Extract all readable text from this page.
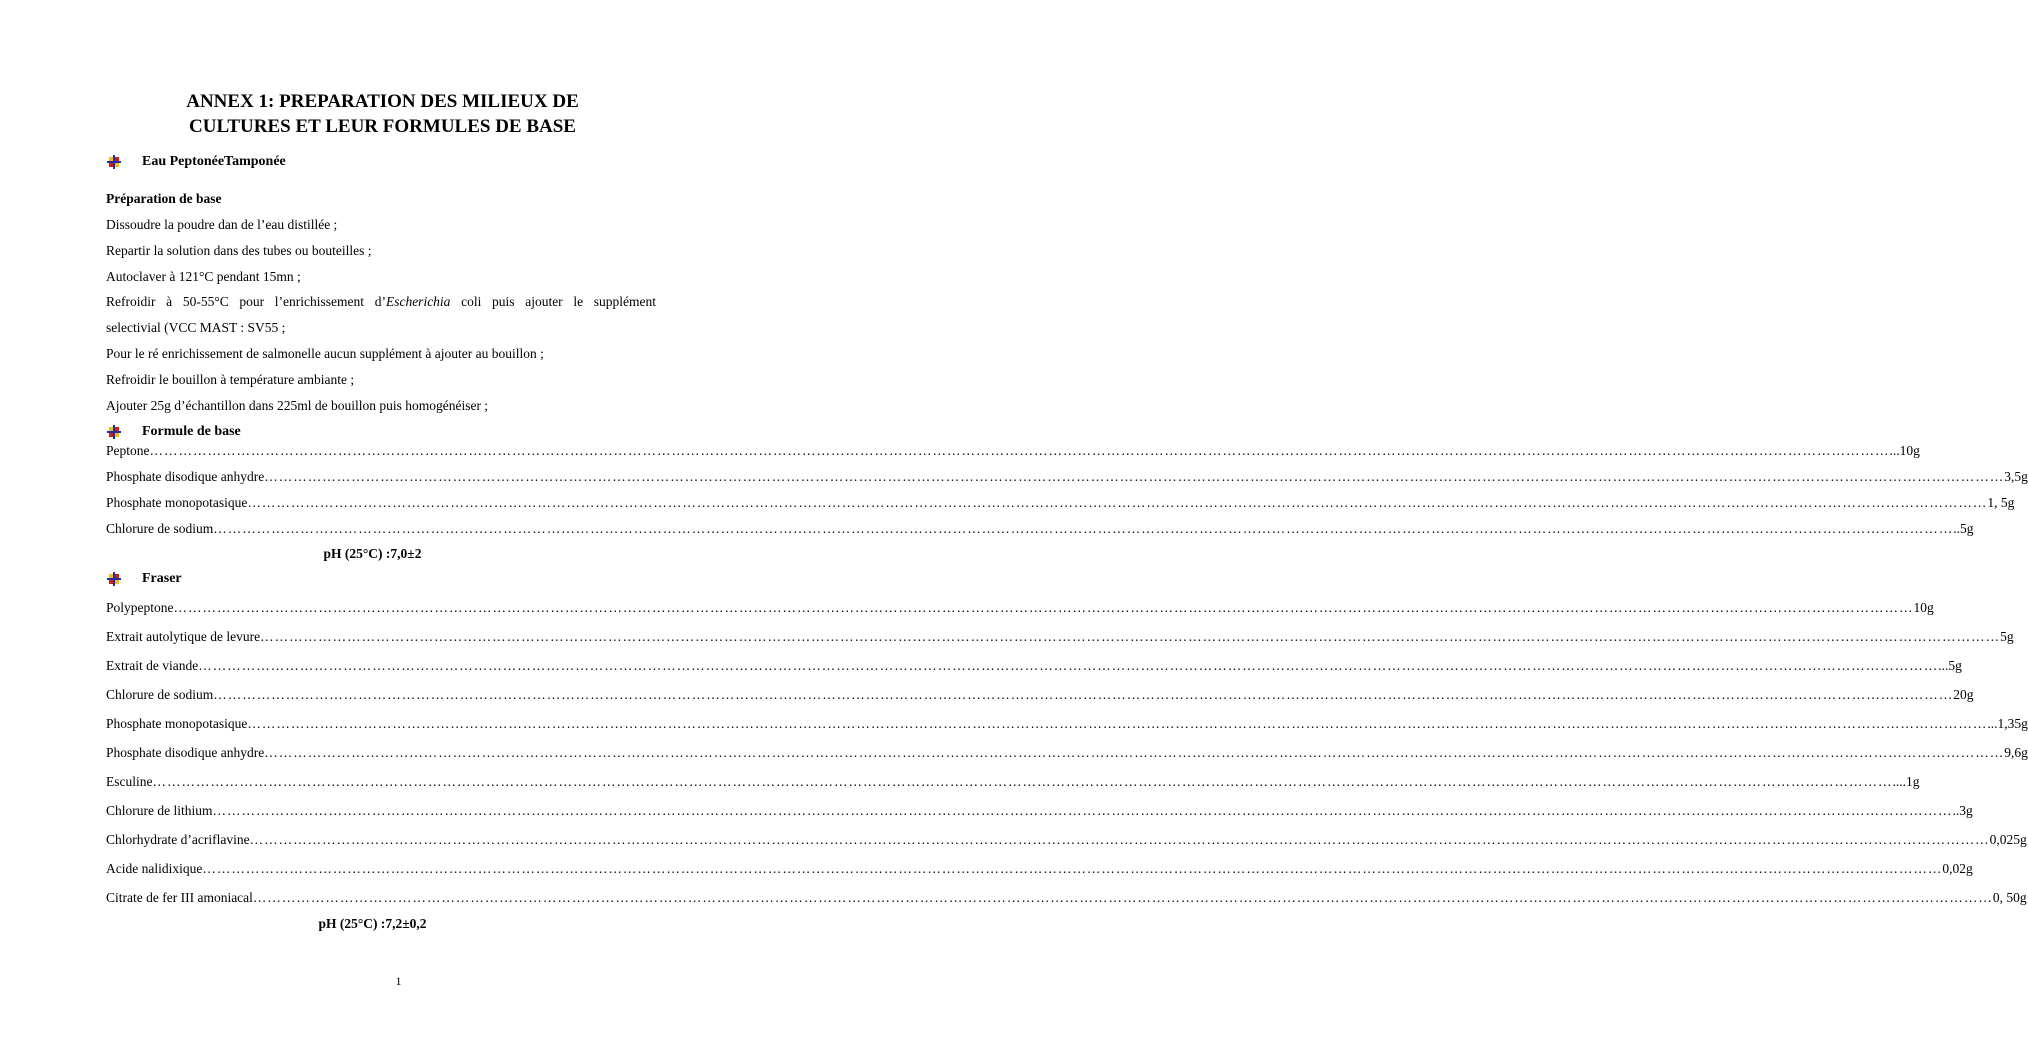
ANNEX 1: PREPARATION DES MILIEUX DE
CULTURES ET LEUR FORMULES DE BASE
Eau PeptonéeTamponée
Préparation de base
Dissoudre la poudre dan de l’eau distillée ;
Repartir la solution dans des tubes ou bouteilles ;
Autoclaver à 121°C pendant 15mn ;
Refroidir à 50-55°C pour l’enrichissement d’Escherichia coli puis ajouter le supplément
selectivial (VCC MAST : SV55 ;
Pour le ré enrichissement de salmonelle aucun supplément à ajouter au bouillon ;
Refroidir le bouillon à température ambiante ;
Ajouter 25g d’échantillon dans 225ml de bouillon puis homogénéiser ;
Formule de base
Peptone ……………………………………………………………………………………………………………………………………………………………………………………………………………………………………………………………………………………………………………………………… ...10g
Phosphate disodique anhydre ……………………………………………………………………………………………………………………………………………………………………………………………………………………………………………………………………………………………………………………………… 3,5g
Phosphate monopotasique ……………………………………………………………………………………………………………………………………………………………………………………………………………………………………………………………………………………………………………………………… 1, 5g
Chlorure de sodium ……………………………………………………………………………………………………………………………………………………………………………………………………………………………………………………………………………………………………………………………… ..5g
pH (25°C) :7,0±2
Fraser
Polypeptone ……………………………………………………………………………………………………………………………………………………………………………………………………………………………………………………………………………………………………………………………… 10g
Extrait autolytique de levure ……………………………………………………………………………………………………………………………………………………………………………………………………………………………………………………………………………………………………………………………… 5g
Extrait de viande ……………………………………………………………………………………………………………………………………………………………………………………………………………………………………………………………………………………………………………………………… ...5g
Chlorure de sodium ……………………………………………………………………………………………………………………………………………………………………………………………………………………………………………………………………………………………………………………………… 20g
Phosphate monopotasique ……………………………………………………………………………………………………………………………………………………………………………………………………………………………………………………………………………………………………………………………… ...1,35g
Phosphate disodique anhydre ……………………………………………………………………………………………………………………………………………………………………………………………………………………………………………………………………………………………………………………………… 9,6g
Esculine ……………………………………………………………………………………………………………………………………………………………………………………………………………………………………………………………………………………………………………………………… ....1g
Chlorure de lithium ……………………………………………………………………………………………………………………………………………………………………………………………………………………………………………………………………………………………………………………………… ..3g
Chlorhydrate d’acriflavine ……………………………………………………………………………………………………………………………………………………………………………………………………………………………………………………………………………………………………………………………… 0,025g
Acide nalidixique ……………………………………………………………………………………………………………………………………………………………………………………………………………………………………………………………………………………………………………………………… 0,02g
Citrate de fer III amoniacal ……………………………………………………………………………………………………………………………………………………………………………………………………………………………………………………………………………………………………………………………… 0, 50g
pH (25°C) :7,2±0,2
1
